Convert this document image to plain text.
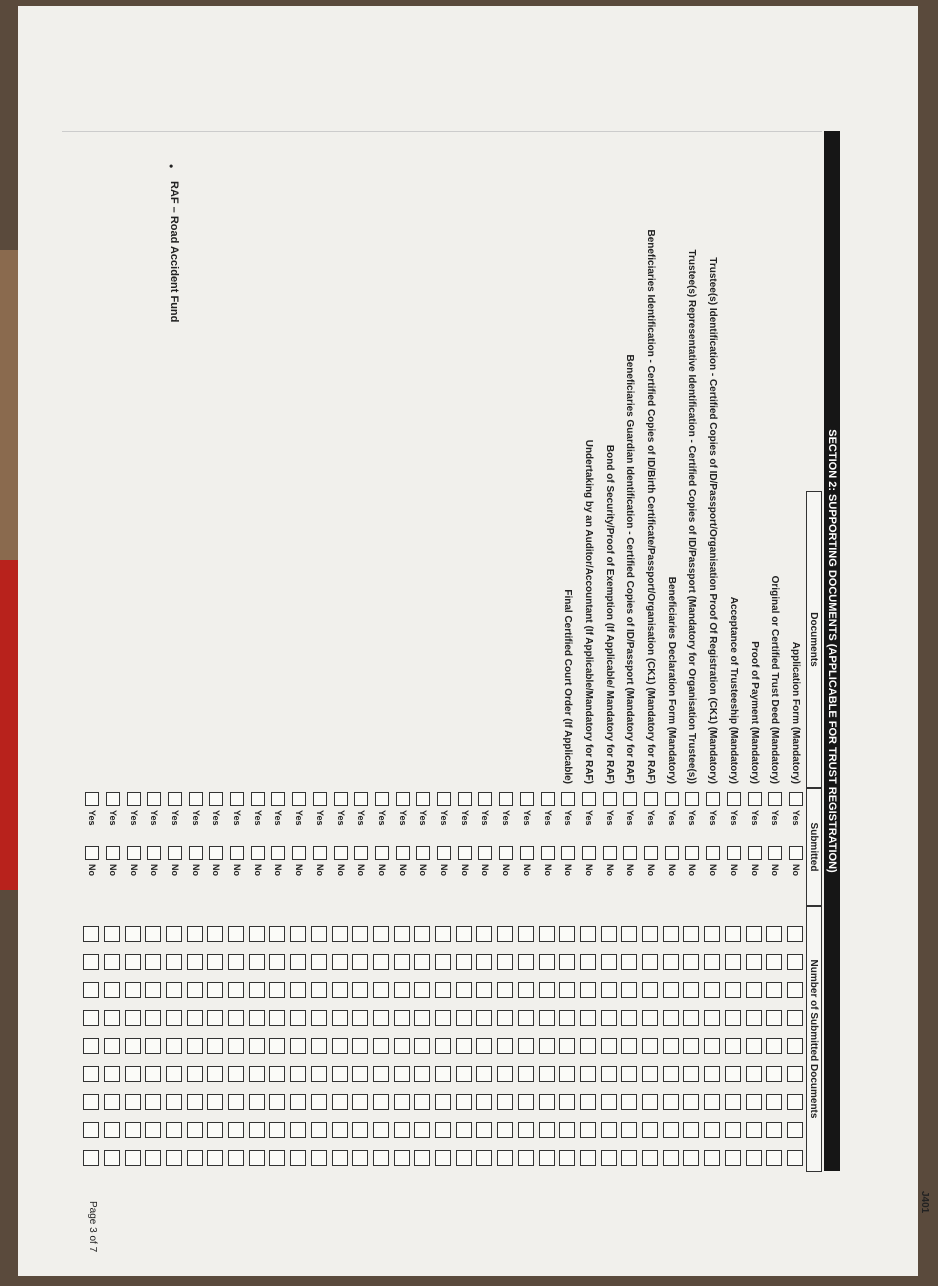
J401
SECTION 2: SUPPORTING DOCUMENTS (APPLICABLE FOR TRUST REGISTRATION)
Documents
Submitted
Number of Submitted Documents
Application Form (Mandatory)
Yes
No
Original or Certified Trust Deed (Mandatory)
Yes
No
Proof of Payment (Mandatory)
Yes
No
Acceptance of Trusteeship (Mandatory)
Yes
No
Trustee(s) Identification - Certified Copies of ID/Passport/Organisation Proof Of Registration (CK1) (Mandatory)
Yes
No
Trustee(s) Representative Identification - Certified Copies of ID/Passport (Mandatory for Organisation Trustee(s))
Yes
No
Beneficiaries Declaration Form (Mandatory)
Yes
No
Beneficiaries Identification - Certified Copies of ID/Birth Certificate/Passport/Organisation (CK1) (Mandatory for RAF)
Yes
No
Beneficiaries Guardian Identification - Certified Copies of ID/Passport (Mandatory for RAF)
Yes
No
Bond of Security/Proof of Exemption (If Applicable/ Mandatory for RAF)
Yes
No
Undertaking by an Auditor/Accountant (If Applicable/Mandatory for RAF)
Yes
No
Final Certified Court Order (If Applicable)
Yes
No
Yes
No
Yes
No
Yes
No
Yes
No
Yes
No
Yes
No
Yes
No
Yes
No
Yes
No
Yes
No
Yes
No
Yes
No
Yes
No
Yes
No
Yes
No
Yes
No
Yes
No
Yes
No
Yes
No
Yes
No
Yes
No
Yes
No
Yes
No
•
RAF – Road Accident Fund
Page 3 of 7
